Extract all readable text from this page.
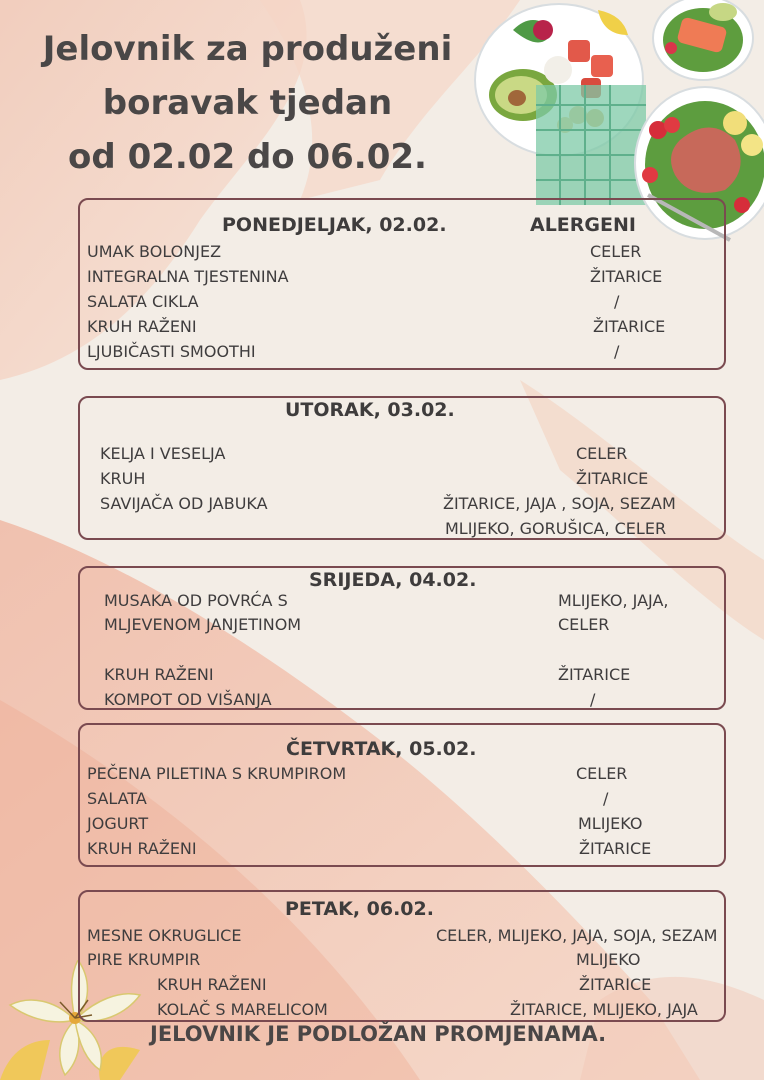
Jelovnik za produženi
boravak tjedan
od 02.02 do 06.02.
PONEDJELJAK, 02.02.	ALERGENI
UMAK BOLONJEZ	CELER
INTEGRALNA TJESTENINA	ŽITARICE
SALATA CIKLA	/
KRUH RAŽENI	ŽITARICE
LJUBIČASTI SMOOTHI	/
UTORAK, 03.02.
KELJA I VESELJA	CELER
KRUH	ŽITARICE
SAVIJAČA OD JABUKA	ŽITARICE, JAJA , SOJA, SEZAM
MLIJEKO, GORUŠICA, CELER
SRIJEDA, 04.02.
MUSAKA OD POVRĆA S	MLIJEKO, JAJA,
MLJEVENOM JANJETINOM	CELER
KRUH RAŽENI	ŽITARICE
KOMPOT OD VIŠANJA	/
ČETVRTAK, 05.02.
PEČENA PILETINA S KRUMPIROM	CELER
SALATA	/
JOGURT	MLIJEKO
KRUH RAŽENI	ŽITARICE
PETAK, 06.02.
MESNE OKRUGLICE	CELER, MLIJEKO, JAJA, SOJA, SEZAM
PIRE KRUMPIR	MLIJEKO
KRUH RAŽENI	ŽITARICE
KOLAČ S MARELICOM	ŽITARICE, MLIJEKO, JAJA
JELOVNIK JE PODLOŽAN PROMJENAMA.
